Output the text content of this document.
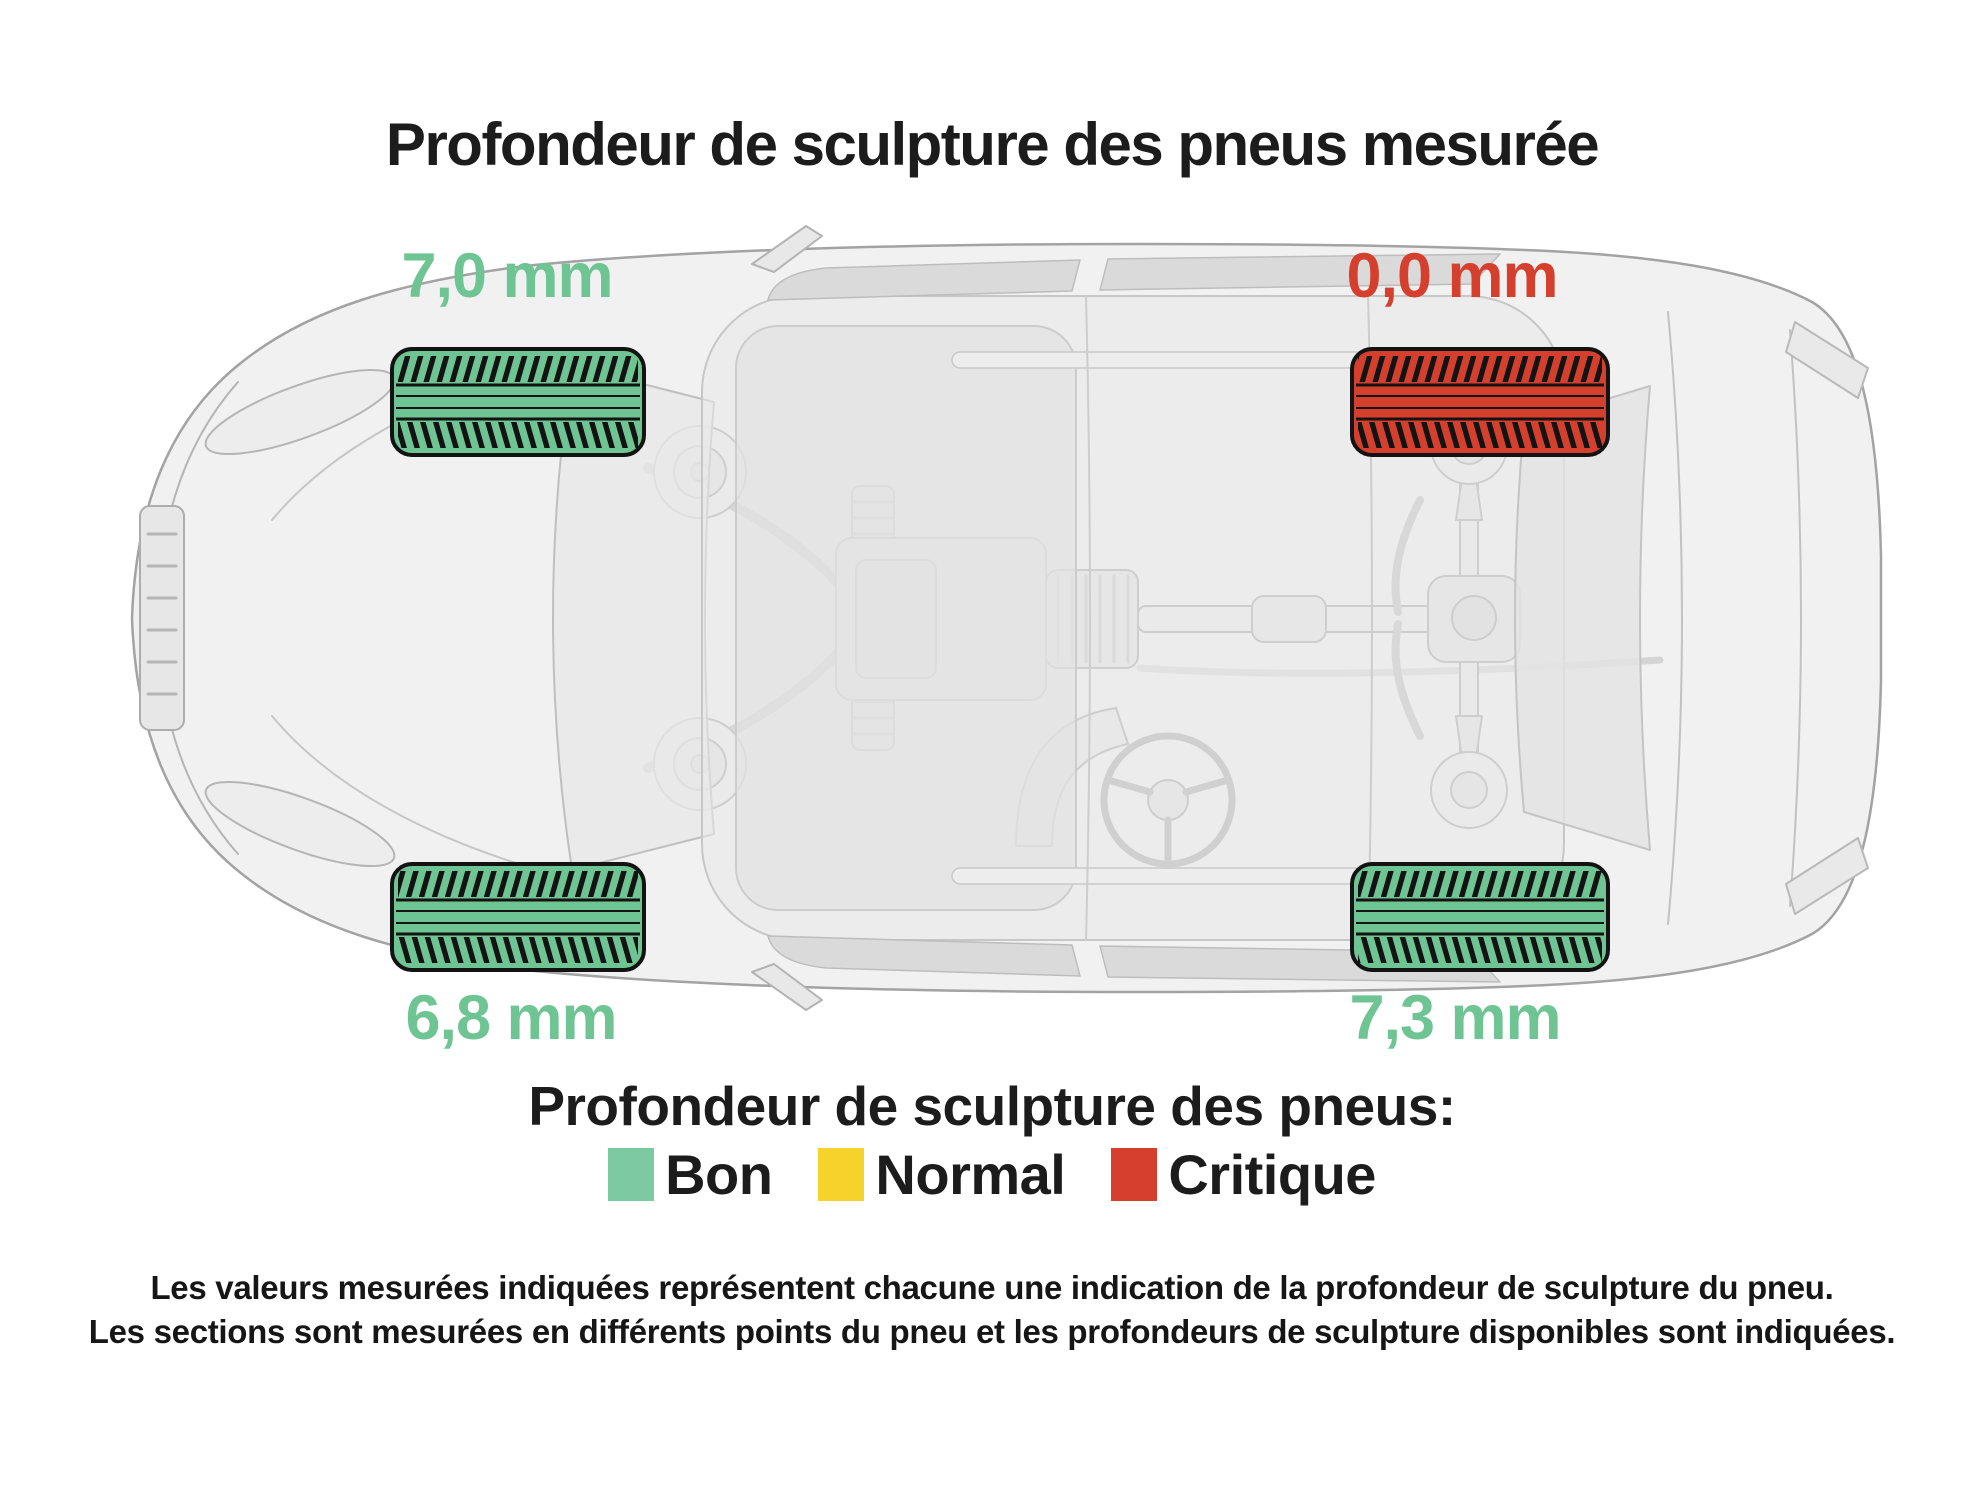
Profondeur de sculpture des pneus mesurée
7,0 mm	0,0 mm
6,8 mm	7,3 mm
Profondeur de sculpture des pneus:
Bon Normal Critique
Les valeurs mesurées indiquées représentent chacune une indication de la profondeur de sculpture du pneu.
Les sections sont mesurées en différents points du pneu et les profondeurs de sculpture disponibles sont indiquées.
